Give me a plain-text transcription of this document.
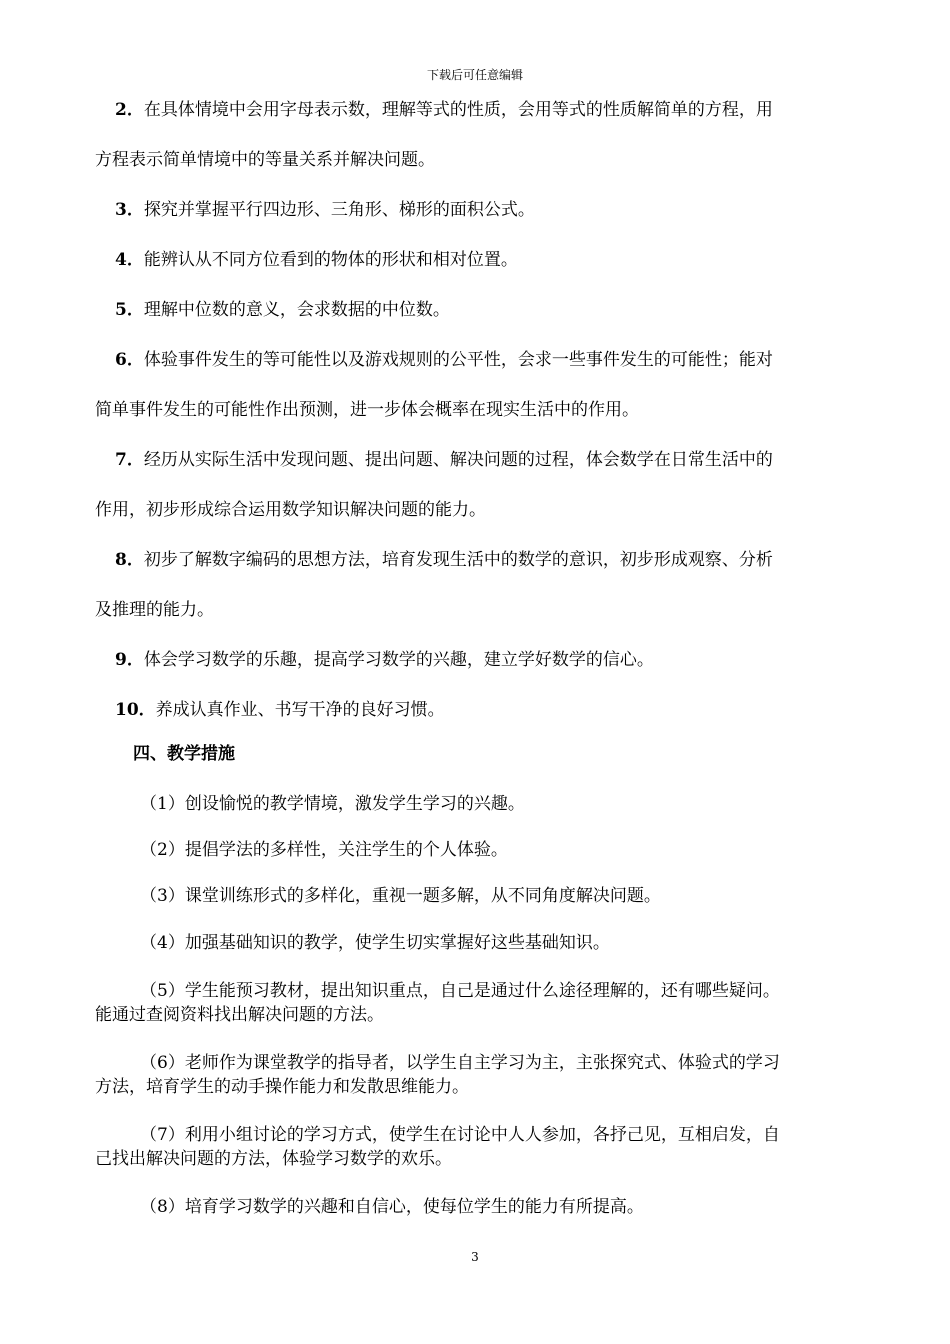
下载后可任意编辑
2．在具体情境中会用字母表示数，理解等式的性质，会用等式的性质解简单的方程，用
方程表示简单情境中的等量关系并解决问题。
3．探究并掌握平行四边形、三角形、梯形的面积公式。
4．能辨认从不同方位看到的物体的形状和相对位置。
5．理解中位数的意义，会求数据的中位数。
6．体验事件发生的等可能性以及游戏规则的公平性，会求一些事件发生的可能性；能对
简单事件发生的可能性作出预测，进一步体会概率在现实生活中的作用。
7．经历从实际生活中发现问题、提出问题、解决问题的过程，体会数学在日常生活中的
作用，初步形成综合运用数学知识解决问题的能力。
8．初步了解数字编码的思想方法，培育发现生活中的数学的意识，初步形成观察、分析
及推理的能力。
9．体会学习数学的乐趣，提高学习数学的兴趣，建立学好数学的信心。
10．养成认真作业、书写干净的良好习惯。
四、教学措施
（1）创设愉悦的教学情境，激发学生学习的兴趣。
（2）提倡学法的多样性，关注学生的个人体验。
（3）课堂训练形式的多样化，重视一题多解，从不同角度解决问题。
（4）加强基础知识的教学，使学生切实掌握好这些基础知识。
（5）学生能预习教材，提出知识重点，自己是通过什么途径理解的，还有哪些疑问。
能通过查阅资料找出解决问题的方法。
（6）老师作为课堂教学的指导者，以学生自主学习为主，主张探究式、体验式的学习
方法，培育学生的动手操作能力和发散思维能力。
（7）利用小组讨论的学习方式，使学生在讨论中人人参加，各抒己见，互相启发，自
己找出解决问题的方法，体验学习数学的欢乐。
（8）培育学习数学的兴趣和自信心，使每位学生的能力有所提高。
3
